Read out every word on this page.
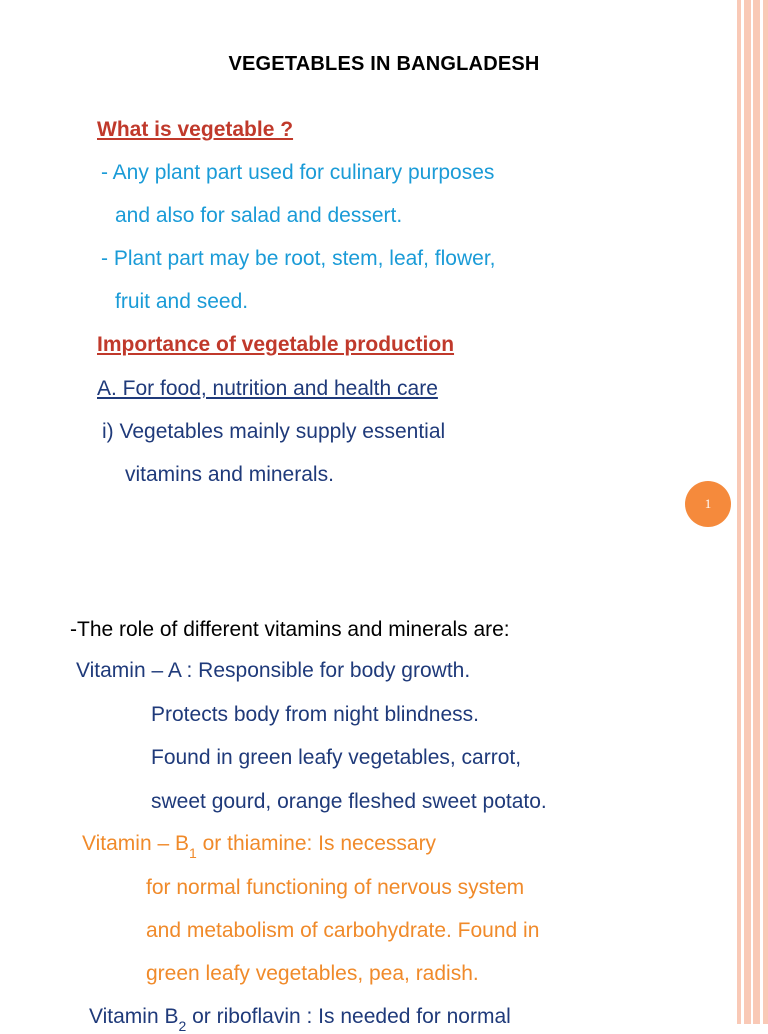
VEGETABLES IN BANGLADESH
What is vegetable ?
- Any plant part used for culinary purposes
and also for salad and dessert.
- Plant part may be root, stem, leaf, flower,
fruit and seed.
Importance of vegetable production
A. For food, nutrition and health care
i) Vegetables mainly supply essential
vitamins and minerals.
1
-The role of different vitamins and minerals are:
Vitamin – A : Responsible for body growth.
Protects body from night blindness.
Found in green leafy vegetables, carrot,
sweet gourd, orange fleshed sweet potato.
Vitamin – $B_1$ or thiamine: Is necessary
for normal functioning of nervous system
and metabolism of carbohydrate. Found in
green leafy vegetables, pea, radish.
Vitamin $B_2$ or riboflavin : Is needed for normal
